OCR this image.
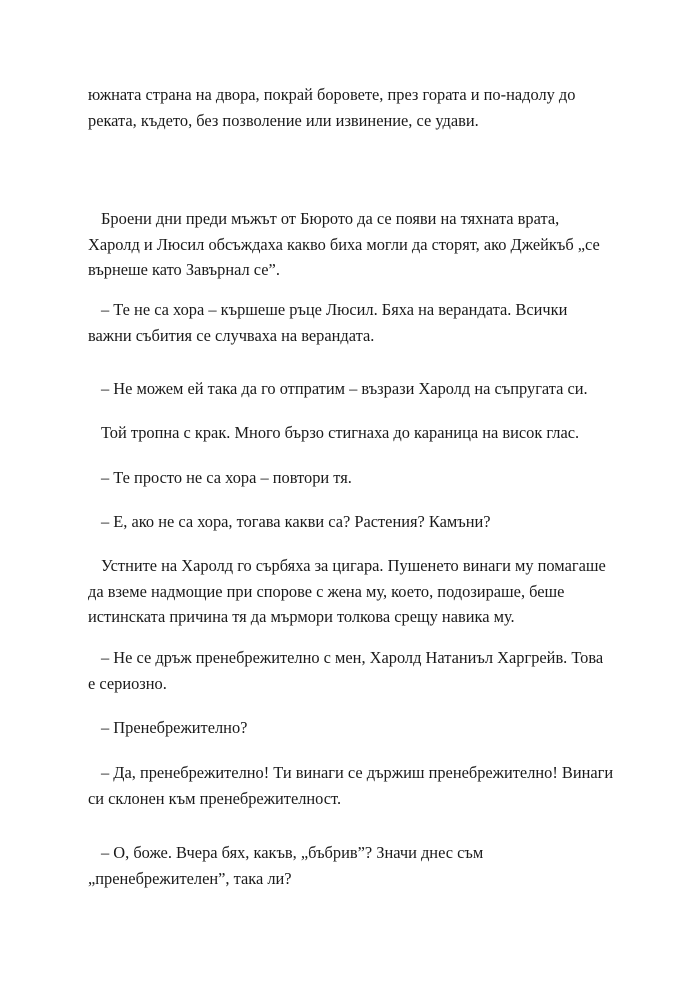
южната страна на двора, покрай боровете, през гората и по-надолу до
реката, където, без позволение или извинение, се удави.

Броени дни преди мъжът от Бюрото да се появи на тяхната врата,
Харолд и Люсил обсъждаха какво биха могли да сторят, ако Джейкъб „се
върнеше като Завърнал се”.

– Те не са хора – кършеше ръце Люсил. Бяха на верандата. Всички
важни събития се случваха на верандата.

– Не можем ей така да го отпратим – възрази Харолд на съпругата си.

Той тропна с крак. Много бързо стигнаха до караница на висок глас.

– Те просто не са хора – повтори тя.

– Е, ако не са хора, тогава какви са? Растения? Камъни?

Устните на Харолд го сърбяха за цигара. Пушенето винаги му помагаше
да вземе надмощие при спорове с жена му, което, подозираше, беше
истинската причина тя да мърмори толкова срещу навика му.

– Не се дръж пренебрежително с мен, Харолд Натаниъл Харгрейв. Това
е сериозно.

– Пренебрежително?

– Да, пренебрежително! Ти винаги се държиш пренебрежително! Винаги
си склонен към пренебрежителност.

– О, боже. Вчера бях, какъв, „бъбрив”? Значи днес съм
„пренебрежителен”, така ли?
